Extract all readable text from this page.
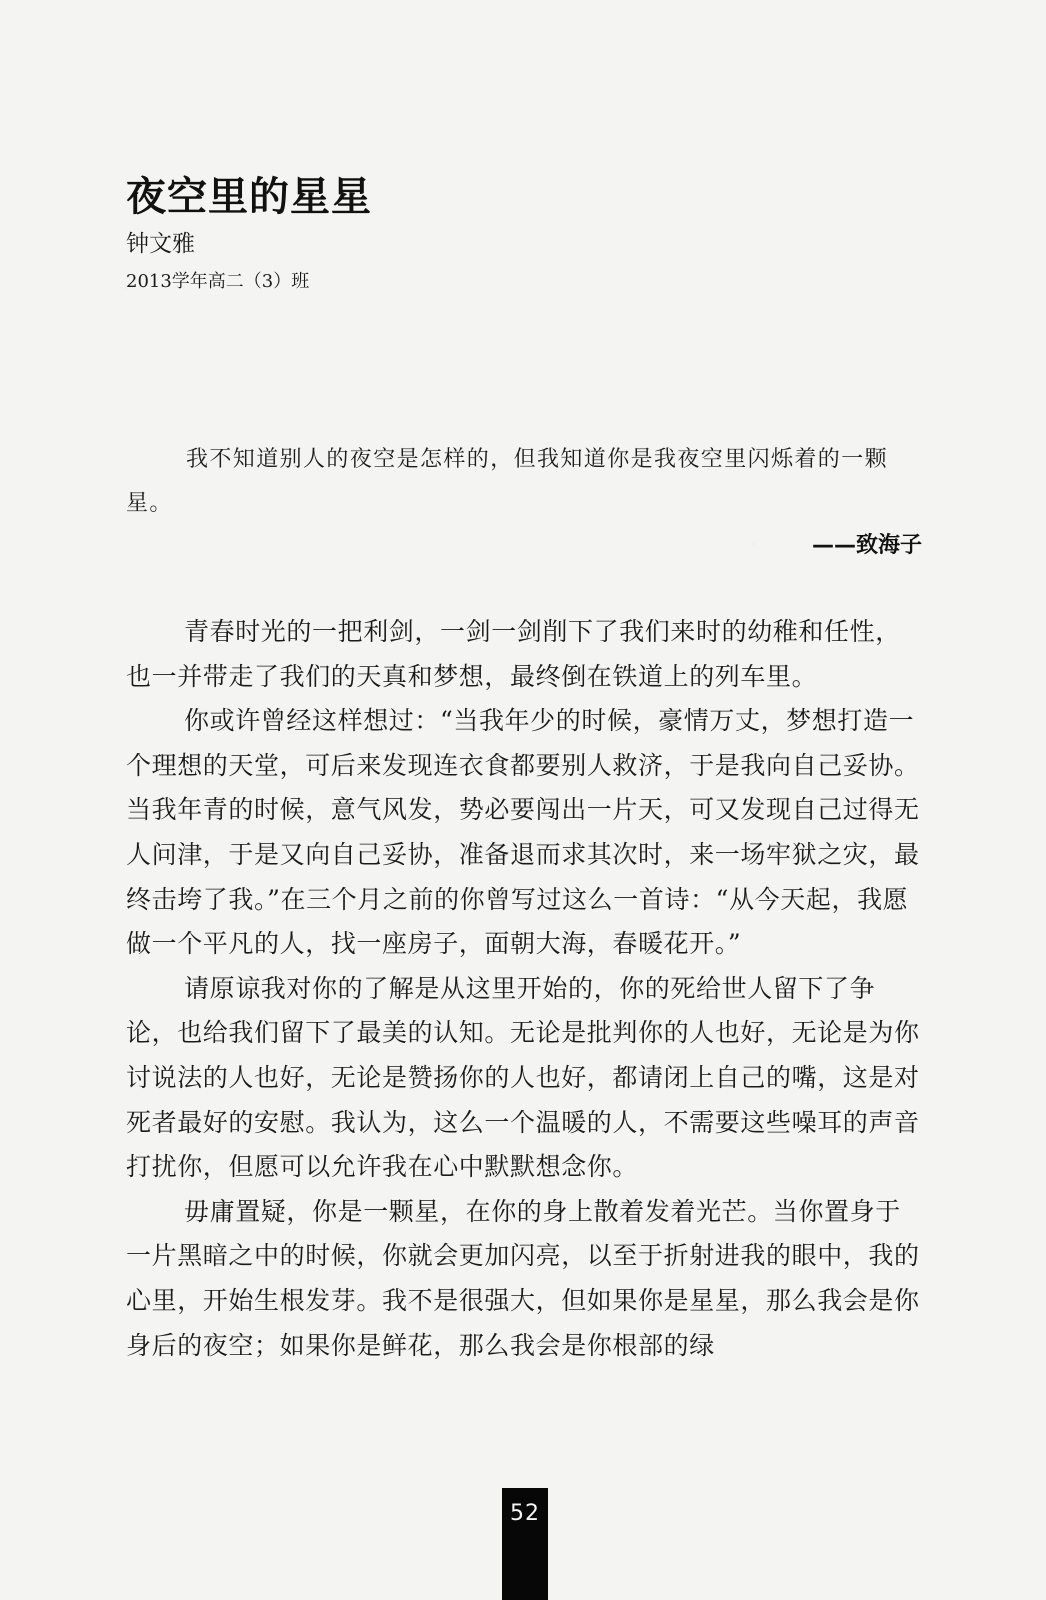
夜空里的星星

钟文雅

2013学年高二（3）班

我不知道别人的夜空是怎样的，但我知道你是我夜空里闪烁着的一颗星。

——致海子

青春时光的一把利剑，一剑一剑削下了我们来时的幼稚和任性，也一并带走了我们的天真和梦想，最终倒在铁道上的列车里。

你或许曾经这样想过：“当我年少的时候，豪情万丈，梦想打造一个理想的天堂，可后来发现连衣食都要别人救济，于是我向自己妥协。当我年青的时候，意气风发，势必要闯出一片天，可又发现自己过得无人问津，于是又向自己妥协，准备退而求其次时，来一场牢狱之灾，最终击垮了我。”在三个月之前的你曾写过这么一首诗：“从今天起，我愿做一个平凡的人，找一座房子，面朝大海，春暖花开。”

请原谅我对你的了解是从这里开始的，你的死给世人留下了争论，也给我们留下了最美的认知。无论是批判你的人也好，无论是为你讨说法的人也好，无论是赞扬你的人也好，都请闭上自己的嘴，这是对死者最好的安慰。我认为，这么一个温暖的人，不需要这些噪耳的声音打扰你，但愿可以允许我在心中默默想念你。

毋庸置疑，你是一颗星，在你的身上散着发着光芒。当你置身于一片黑暗之中的时候，你就会更加闪亮，以至于折射进我的眼中，我的心里，开始生根发芽。我不是很强大，但如果你是星星，那么我会是你身后的夜空；如果你是鲜花，那么我会是你根部的绿

52
